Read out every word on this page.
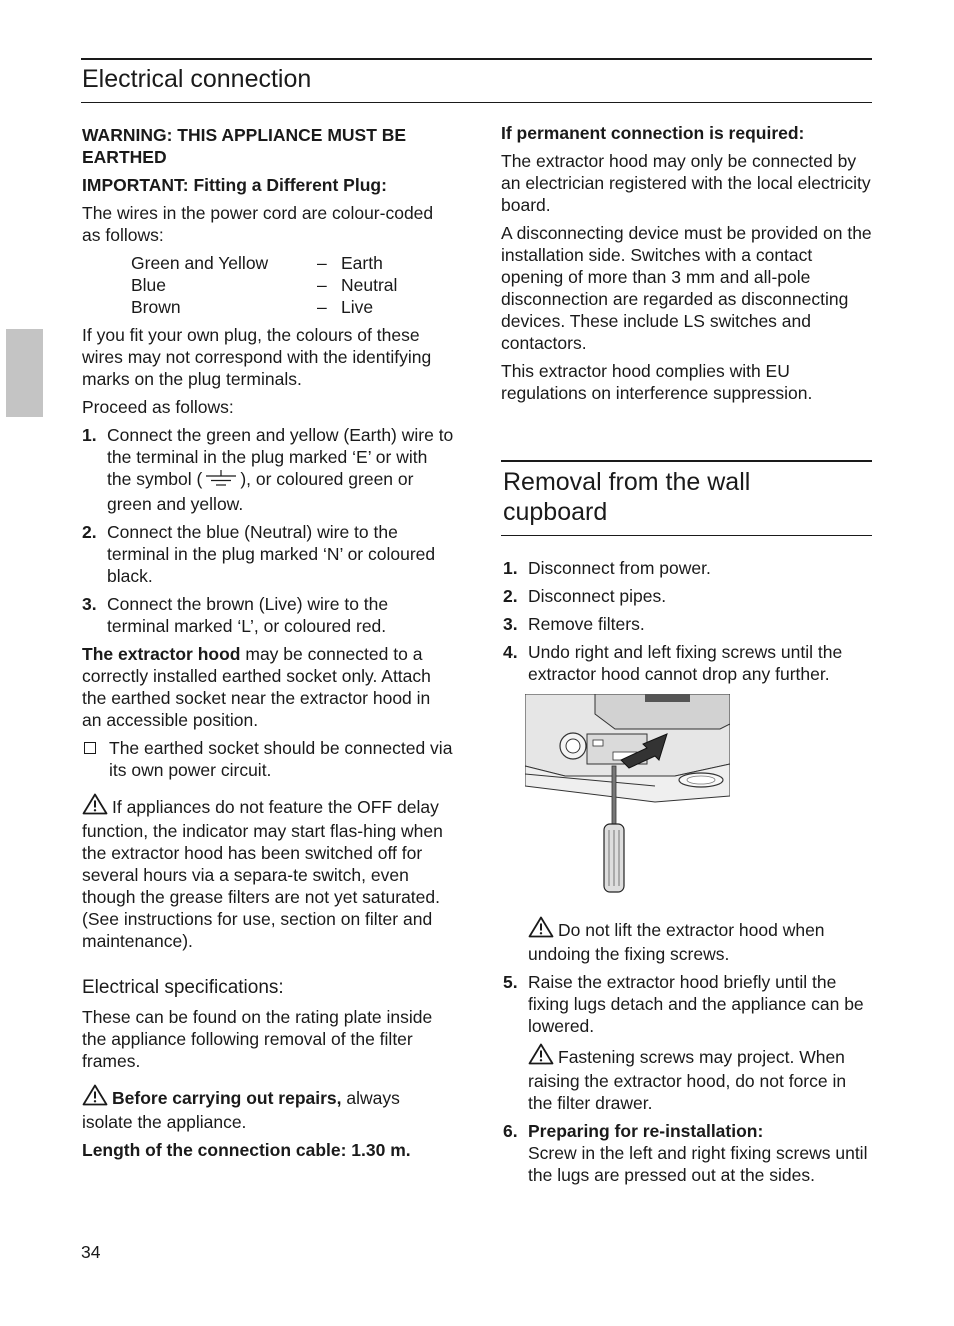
Electrical connection

WARNING: THIS APPLIANCE MUST BE EARTHED

IMPORTANT: Fitting a Different Plug:

The wires in the power cord are colour-coded as follows:

Green and Yellow	– Earth
Blue	– Neutral
Brown	– Live

If you fit your own plug, the colours of these wires may not correspond with the identifying marks on the plug terminals.

Proceed as follows:

1. Connect the green and yellow (Earth) wire to the terminal in the plug marked ‘E’ or with the symbol ( ), or coloured green or green and yellow.
2. Connect the blue (Neutral) wire to the terminal in the plug marked ‘N’ or coloured black.
3. Connect the brown (Live) wire to the terminal marked ‘L’, or coloured red.

The extractor hood may be connected to a correctly installed earthed socket only. Attach the earthed socket near the extractor hood in an accessible position.

The earthed socket should be connected via its own power circuit.

If appliances do not feature the OFF delay function, the indicator may start flas-hing when the extractor hood has been switched off for several hours via a separa-te switch, even though the grease filters are not yet saturated.

(See instructions for use, section on filter and maintenance).

Electrical specifications:

These can be found on the rating plate inside the appliance following removal of the filter frames.

Before carrying out repairs, always isolate the appliance.

Length of the connection cable: 1.30 m.

If permanent connection is required:

The extractor hood may only be connected by an electrician registered with the local electricity board.

A disconnecting device must be provided on the installation side. Switches with a contact opening of more than 3 mm and all-pole disconnection are regarded as disconnecting devices. These include LS switches and contactors.

This extractor hood complies with EU regulations on interference suppression.

Removal from the wall cupboard
1. Disconnect from power.
2. Disconnect pipes.
3. Remove filters.
4. Undo right and left fixing screws until the extractor hood cannot drop any further.

Do not lift the extractor hood when undoing the fixing screws.

5. Raise the extractor hood briefly until the fixing lugs detach and the appliance can be lowered.
Fastening screws may project. When raising the extractor hood, do not force in the filter drawer.
6. Preparing for re-installation:
Screw in the left and right fixing screws until the lugs are pressed out at the sides.
34
